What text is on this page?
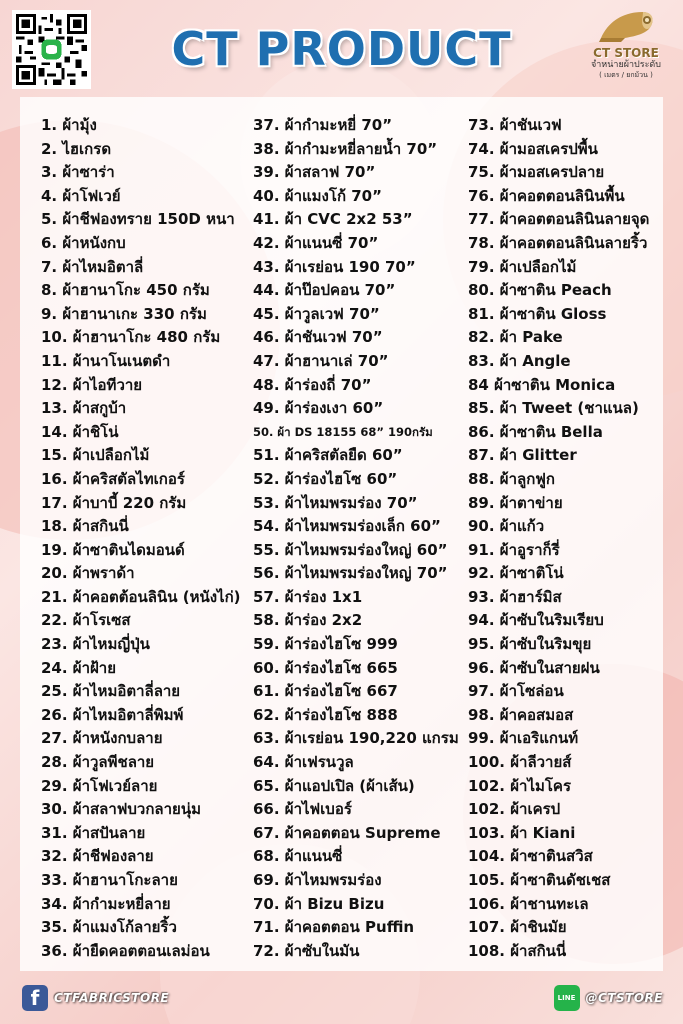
CT PRODUCT	CT STORE
จำหน่ายผ้าประดับ
( เมตร / ยกม้วน )
1. ผ้ามุ้ง
2. ไฮเกรด
3. ผ้าซาร่า
4. ผ้าโฟเวย์
5. ผ้าชีฟองทราย 150D หนา
6. ผ้าหนังกบ
7. ผ้าไหมอิตาลี่
8. ผ้าฮานาโกะ 450 กรัม
9. ผ้าฮานาเกะ 330 กรัม
10. ผ้าฮานาโกะ 480 กรัม
11. ผ้านาโนเนตดำ
12. ผ้าไอทีวาย
13. ผ้าสกูบ้า
14. ผ้าชิโน่
15. ผ้าเปลือกไม้
16. ผ้าคริสตัลไทเกอร์
17. ผ้าบาบี้ 220 กรัม
18. ผ้าสกินนี่
19. ผ้าซาตินไดมอนด์
20. ผ้าพราด้า
21. ผ้าคอตต้อนลินิน (หนังไก่)
22. ผ้าโรเซส
23. ผ้าไหมญี่ปุ่น
24. ผ้าฝ้าย
25. ผ้าไหมอิตาลี่ลาย
26. ผ้าไหมอิตาลี่พิมพ์
27. ผ้าหนังกบลาย
28. ผ้าวูลพีชลาย
29. ผ้าโฟเวย์ลาย
30. ผ้าสลาฟบวกลายนุ่ม
31. ผ้าสปันลาย
32. ผ้าชีฟองลาย
33. ผ้าฮานาโกะลาย
34. ผ้ากำมะหยี่ลาย
35. ผ้าแมงโก้ลายริ้ว
36. ผ้ายืดคอตตอนเลม่อน
37. ผ้ากำมะหยี่ 70”
38. ผ้ากำมะหยี่ลายน้ำ 70”
39. ผ้าสลาฟ 70”
40. ผ้าแมงโก้ 70”
41. ผ้า CVC 2x2 53”
42. ผ้าแนนซี่ 70”
43. ผ้าเรย่อน 190 70”
44. ผ้าป๊อปคอน 70”
45. ผ้าวูลเวฟ 70”
46. ผ้าชันเวฟ 70”
47. ผ้าฮานาเล่ 70”
48. ผ้าร่องถี่ 70”
49. ผ้าร่องเงา 60”
50. ผ้า DS 18155 68” 190กรัม
51. ผ้าคริสตัลยืด 60”
52. ผ้าร่องไฮโซ 60”
53. ผ้าไหมพรมร่อง 70”
54. ผ้าไหมพรมร่องเล็ก 60”
55. ผ้าไหมพรมร่องใหญ่ 60”
56. ผ้าไหมพรมร่องใหญ่ 70”
57. ผ้าร่อง 1x1
58. ผ้าร่อง 2x2
59. ผ้าร่องไฮโซ 999
60. ผ้าร่องไฮโซ 665
61. ผ้าร่องไฮโซ 667
62. ผ้าร่องไฮโซ 888
63. ผ้าเรย่อน 190,220 แกรม
64. ผ้าเฟรนวูล
65. ผ้าแอปเปิล (ผ้าเส้น)
66. ผ้าไฟเบอร์
67. ผ้าคอตตอน Supreme
68. ผ้าแนนซี่
69. ผ้าไหมพรมร่อง
70. ผ้า Bizu Bizu
71. ผ้าคอตตอน Puffin
72. ผ้าซับในมัน
73. ผ้าชันเวฟ
74. ผ้ามอสเครปพื้น
75. ผ้ามอสเครปลาย
76. ผ้าคอตตอนลินินพื้น
77. ผ้าคอตตอนลินินลายจุด
78. ผ้าคอตตอนลินินลายริ้ว
79. ผ้าเปลือกไม้
80. ผ้าซาติน Peach
81. ผ้าซาติน Gloss
82. ผ้า Pake
83. ผ้า Angle
84 ผ้าซาติน Monica
85. ผ้า Tweet (ชาแนล)
86. ผ้าซาติน Bella
87. ผ้า Glitter
88. ผ้าลูกฟูก
89. ผ้าตาข่าย
90. ผ้าแก้ว
91. ผ้าอูราก็รี่
92. ผ้าซาติโน่
93. ผ้าฮาร์มิส
94. ผ้าซับในริมเรียบ
95. ผ้าซับในริมขุย
96. ผ้าซับในสายฝน
97. ผ้าโซล่อน
98. ผ้าคอสมอส
99. ผ้าเอริแกนท์
100. ผ้าลีวายส์
102. ผ้าไมโคร
102. ผ้าเครป
103. ผ้า Kiani
104. ผ้าซาตินสวิส
105. ผ้าซาตินดัชเชส
106. ผ้าชานทะเล
107. ผ้าชินมัย
108. ผ้าสกินนี่
f	CTFABRICSTORE	LINE @CTSTORE
